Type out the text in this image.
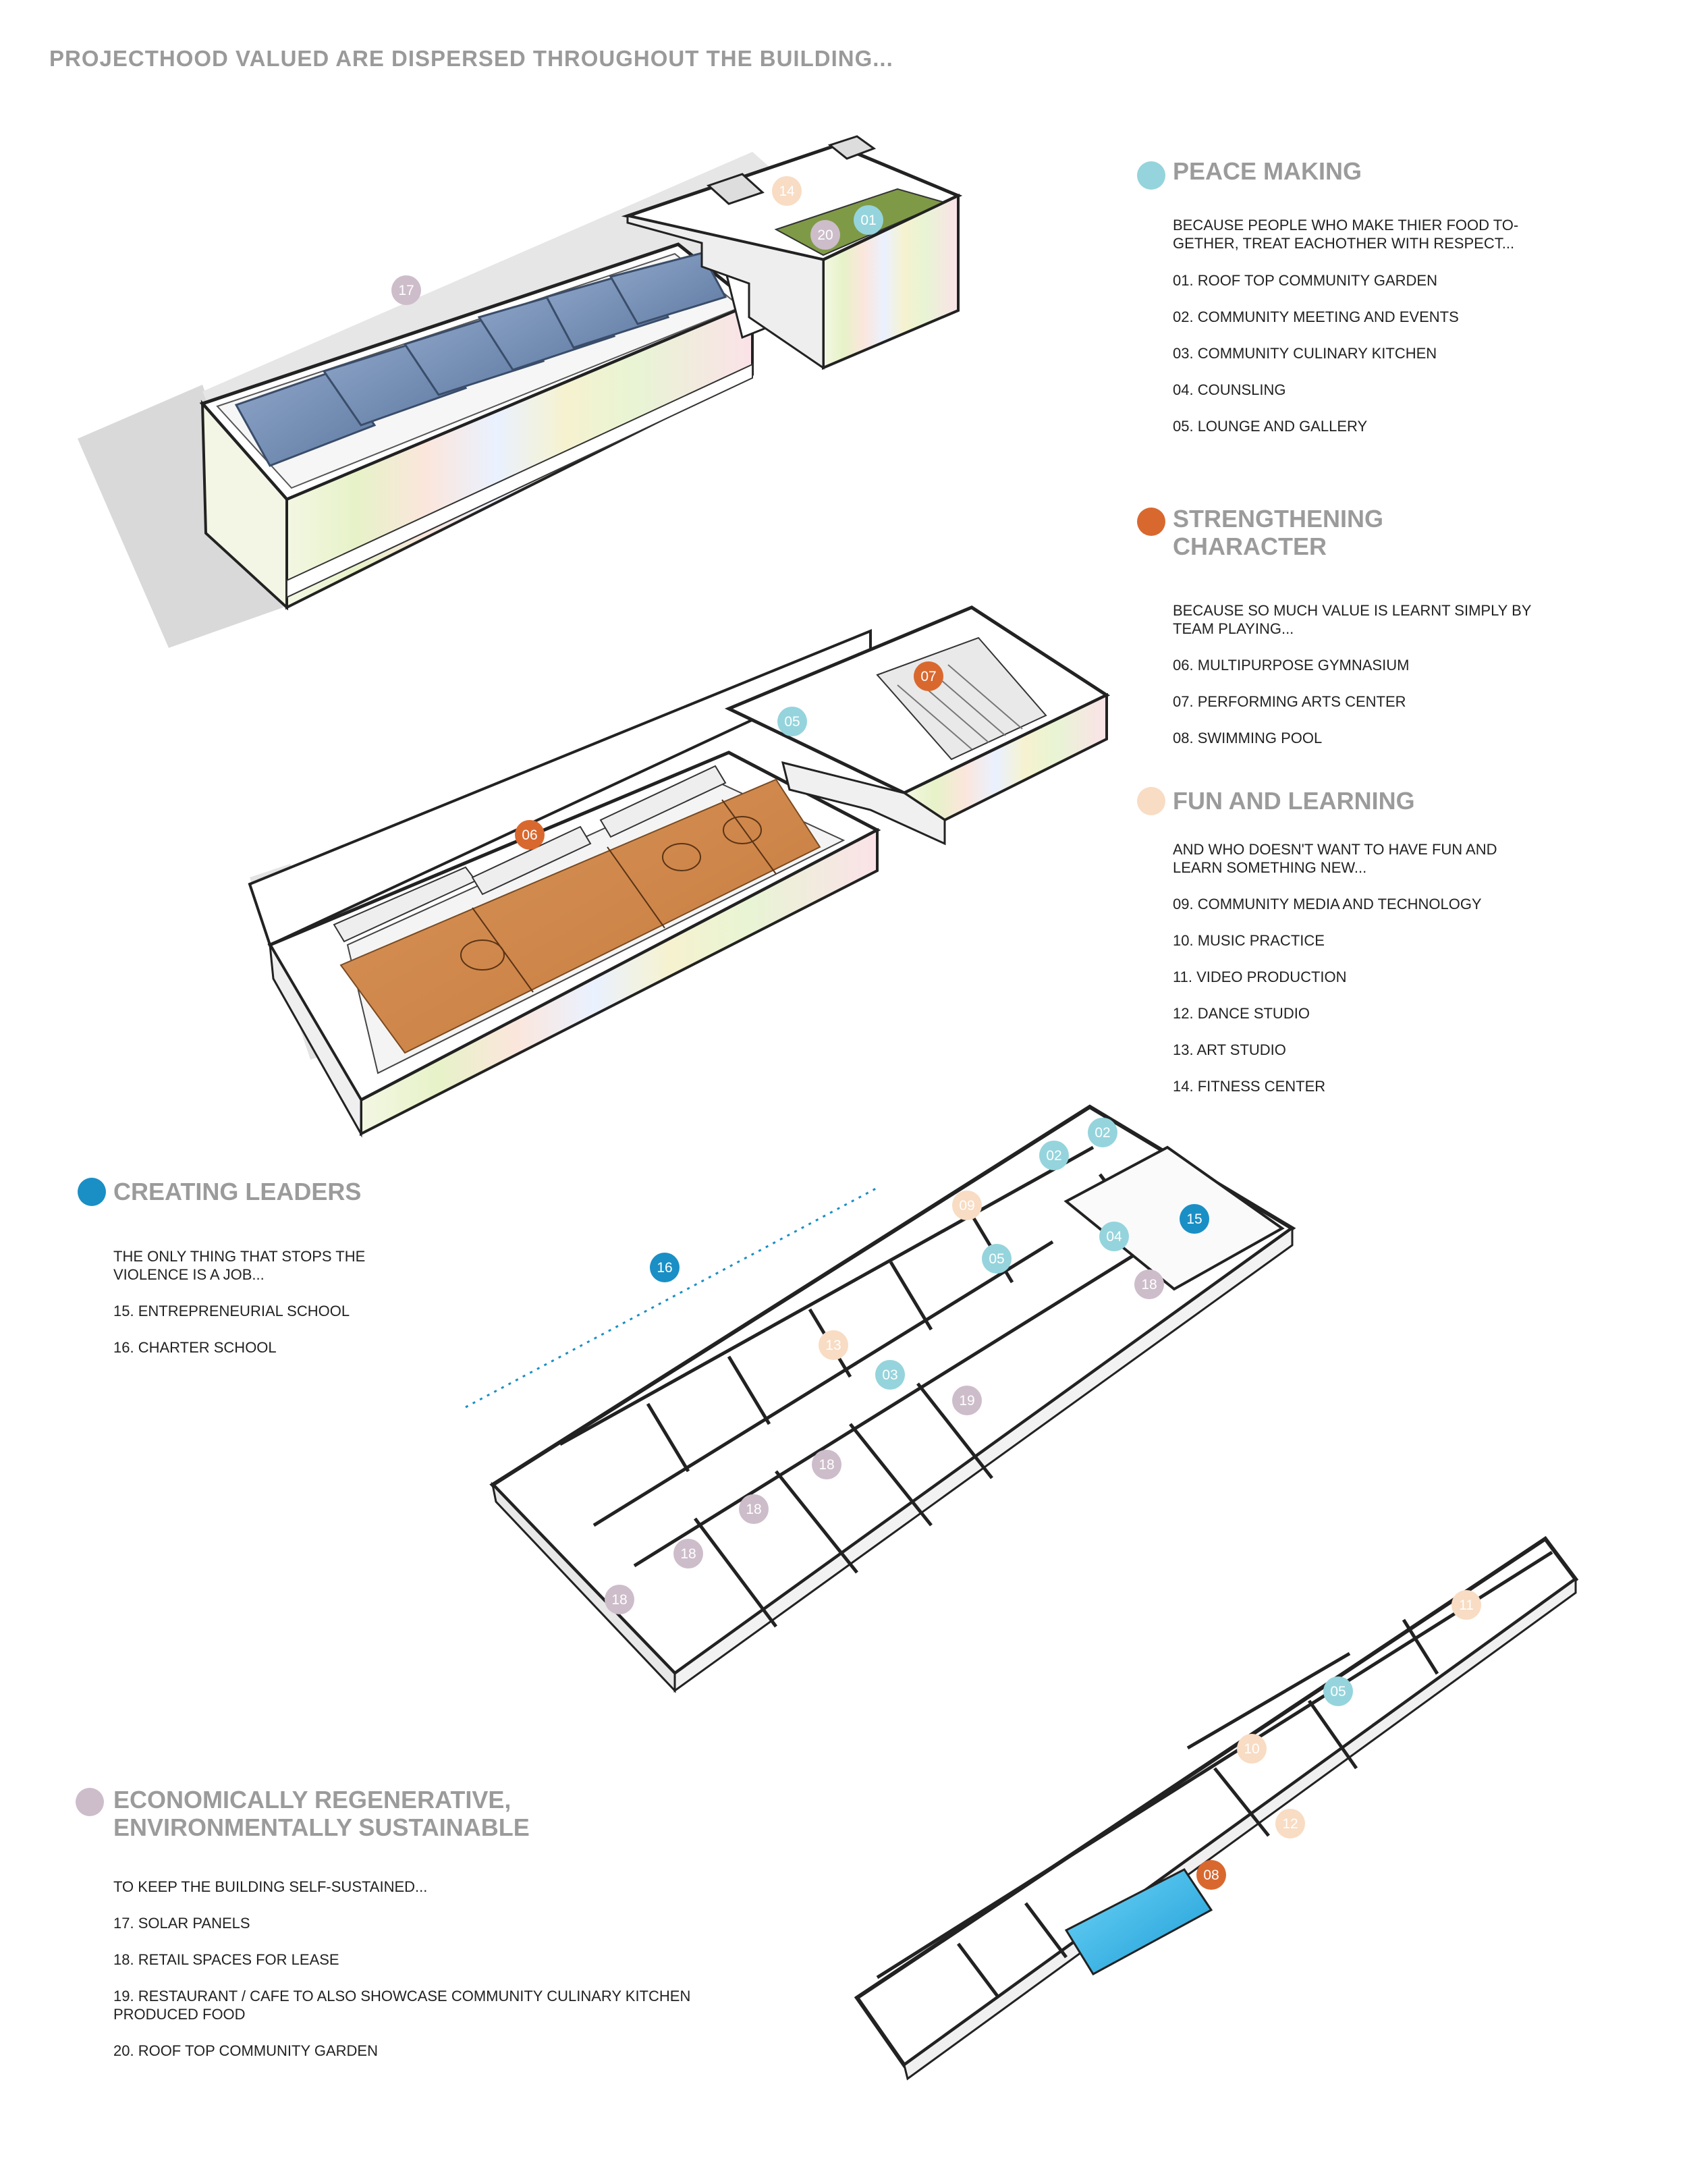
PROJECTHOOD VALUED ARE DISPERSED THROUGHOUT THE BUILDING...
14
01
20
17
07
05
06
02
02
09
04
15
05
16
18
13
03
19
18
18
18
18	11
05
10
12
08
PEACE MAKING
BECAUSE PEOPLE WHO MAKE THIER FOOD TO-GETHER, TREAT EACHOTHER WITH RESPECT...
01. ROOF TOP COMMUNITY GARDEN
02. COMMUNITY MEETING AND EVENTS
03. COMMUNITY CULINARY KITCHEN
04. COUNSLING
05. LOUNGE AND GALLERY
STRENGTHENING
CHARACTER
BECAUSE SO MUCH VALUE IS LEARNT SIMPLY BY TEAM PLAYING...
06. MULTIPURPOSE GYMNASIUM
07. PERFORMING ARTS CENTER
08. SWIMMING POOL
FUN AND LEARNING
AND WHO DOESN'T WANT TO HAVE FUN AND LEARN SOMETHING NEW...
09. COMMUNITY MEDIA AND TECHNOLOGY
10. MUSIC PRACTICE
11. VIDEO PRODUCTION
12. DANCE STUDIO
13. ART STUDIO
14. FITNESS CENTER
CREATING LEADERS
THE ONLY THING THAT STOPS THE VIOLENCE IS A JOB...
15. ENTREPRENEURIAL SCHOOL
16. CHARTER SCHOOL
ECONOMICALLY REGENERATIVE,
ENVIRONMENTALLY SUSTAINABLE
TO KEEP THE BUILDING SELF-SUSTAINED...
17. SOLAR PANELS
18. RETAIL SPACES FOR LEASE
19. RESTAURANT / CAFE TO ALSO SHOWCASE COMMUNITY CULINARY KITCHEN PRODUCED FOOD
20. ROOF TOP COMMUNITY GARDEN
